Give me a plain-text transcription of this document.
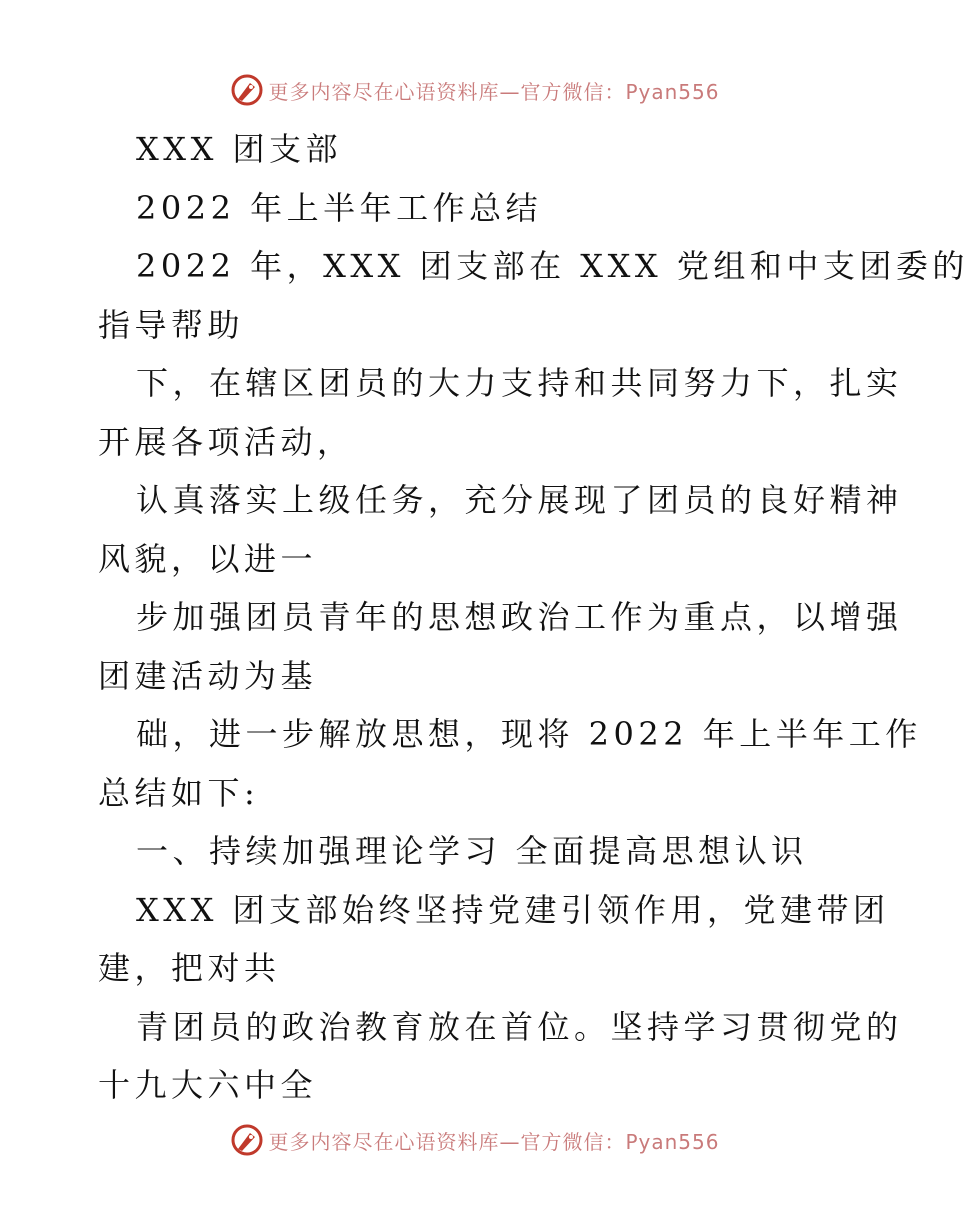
更多内容尽在心语资料库—官方微信：Pyan556
XXX 团支部
2022 年上半年工作总结
2022 年，XXX 团支部在 XXX 党组和中支团委的
指导帮助
下，在辖区团员的大力支持和共同努力下，扎实
开展各项活动，
认真落实上级任务，充分展现了团员的良好精神
风貌，以进一
步加强团员青年的思想政治工作为重点，以增强
团建活动为基
础，进一步解放思想，现将 2022 年上半年工作
总结如下:
一、持续加强理论学习 全面提高思想认识
XXX 团支部始终坚持党建引领作用，党建带团
建，把对共
青团员的政治教育放在首位。坚持学习贯彻党的
十九大六中全
更多内容尽在心语资料库—官方微信：Pyan556
